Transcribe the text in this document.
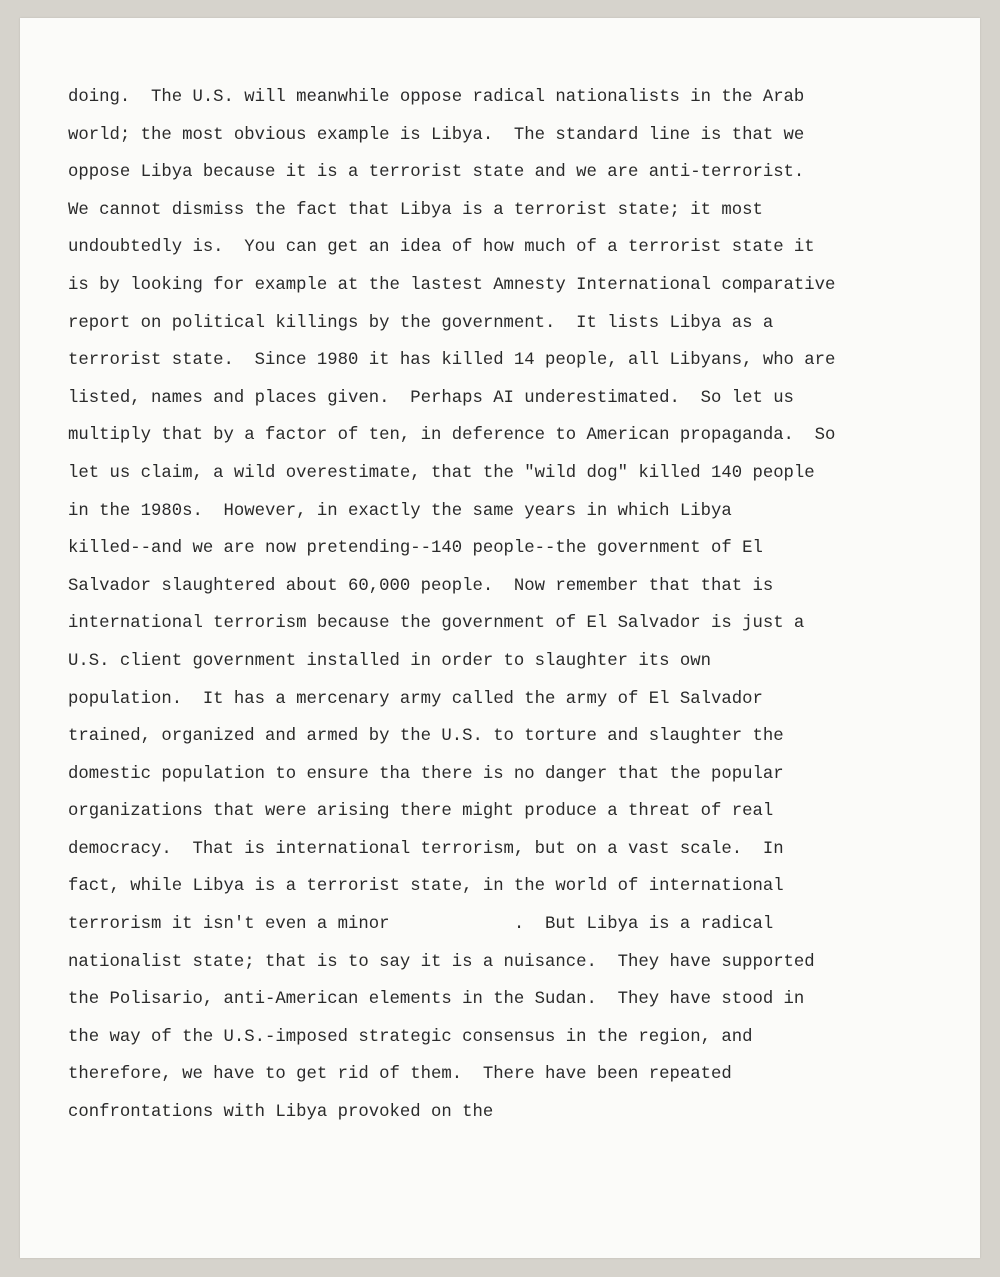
doing.  The U.S. will meanwhile oppose radical nationalists in the Arab
world; the most obvious example is Libya.  The standard line is that we
oppose Libya because it is a terrorist state and we are anti-terrorist.
We cannot dismiss the fact that Libya is a terrorist state; it most
undoubtedly is.  You can get an idea of how much of a terrorist state it
is by looking for example at the lastest Amnesty International comparative
report on political killings by the government.  It lists Libya as a
terrorist state.  Since 1980 it has killed 14 people, all Libyans, who are
listed, names and places given.  Perhaps AI underestimated.  So let us
multiply that by a factor of ten, in deference to American propaganda.  So
let us claim, a wild overestimate, that the "wild dog" killed 140 people
in the 1980s.  However, in exactly the same years in which Libya
killed--and we are now pretending--140 people--the government of El
Salvador slaughtered about 60,000 people.  Now remember that that is
international terrorism because the government of El Salvador is just a
U.S. client government installed in order to slaughter its own
population.  It has a mercenary army called the army of El Salvador
trained, organized and armed by the U.S. to torture and slaughter the
domestic population to ensure tha there is no danger that the popular
organizations that were arising there might produce a threat of real
democracy.  That is international terrorism, but on a vast scale.  In
fact, while Libya is a terrorist state, in the world of international
terrorism it isn't even a minor            .  But Libya is a radical
nationalist state; that is to say it is a nuisance.  They have supported
the Polisario, anti-American elements in the Sudan.  They have stood in
the way of the U.S.-imposed strategic consensus in the region, and
therefore, we have to get rid of them.  There have been repeated
confrontations with Libya provoked on the
